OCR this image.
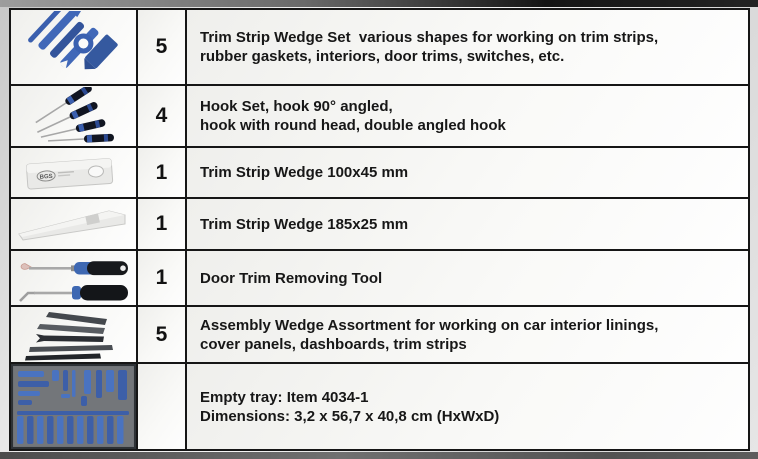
5 Trim Strip Wedge Set  various shapes for working on trim strips,
rubber gaskets, interiors, door trims, switches, etc.
4 Hook Set, hook 90° angled,
hook with round head, double angled hook
BGS	1 Trim Strip Wedge 100x45 mm
1 Trim Strip Wedge 185x25 mm
1 Door Trim Removing Tool
5 Assembly Wedge Assortment for working on car interior linings,
cover panels, dashboards, trim strips
Empty tray: Item 4034-1
Dimensions: 3,2 x 56,7 x 40,8 cm (HxWxD)
